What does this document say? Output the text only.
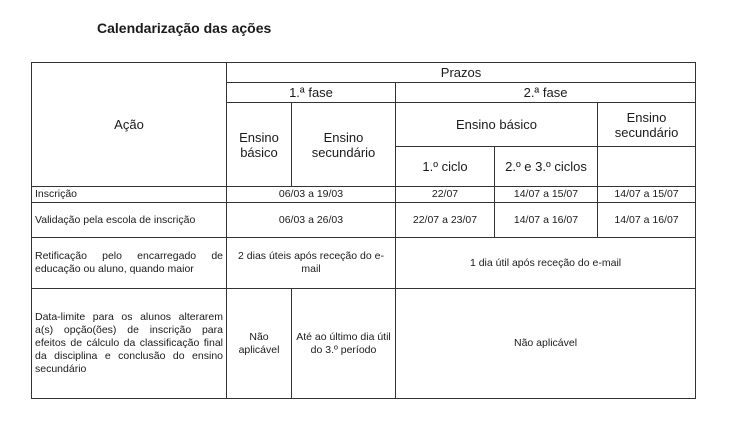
Calendarização das ações
Ação	Prazos				
	1.ª fase		2.ª fase		
	Ensino básico	Ensino secundário	Ensino básico		Ensino secundário
			1.º ciclo	2.º e 3.º ciclos	
Inscrição	06/03 a 19/03		22/07	14/07 a 15/07	14/07 a 15/07
Validação pela escola de inscrição	06/03 a 26/03		22/07 a 23/07	14/07 a 16/07	14/07 a 16/07
Retificação pelo encarregado de educação ou aluno, quando maior	2 dias úteis após receção do e-mail		1 dia útil após receção do e-mail		
Data-limite para os alunos alterarem a(s) opção(ões) de inscrição para efeitos de cálculo da classificação final da disciplina e conclusão do ensino secundário	Não aplicável	Até ao último dia útil do 3.º período	Não aplicável		
